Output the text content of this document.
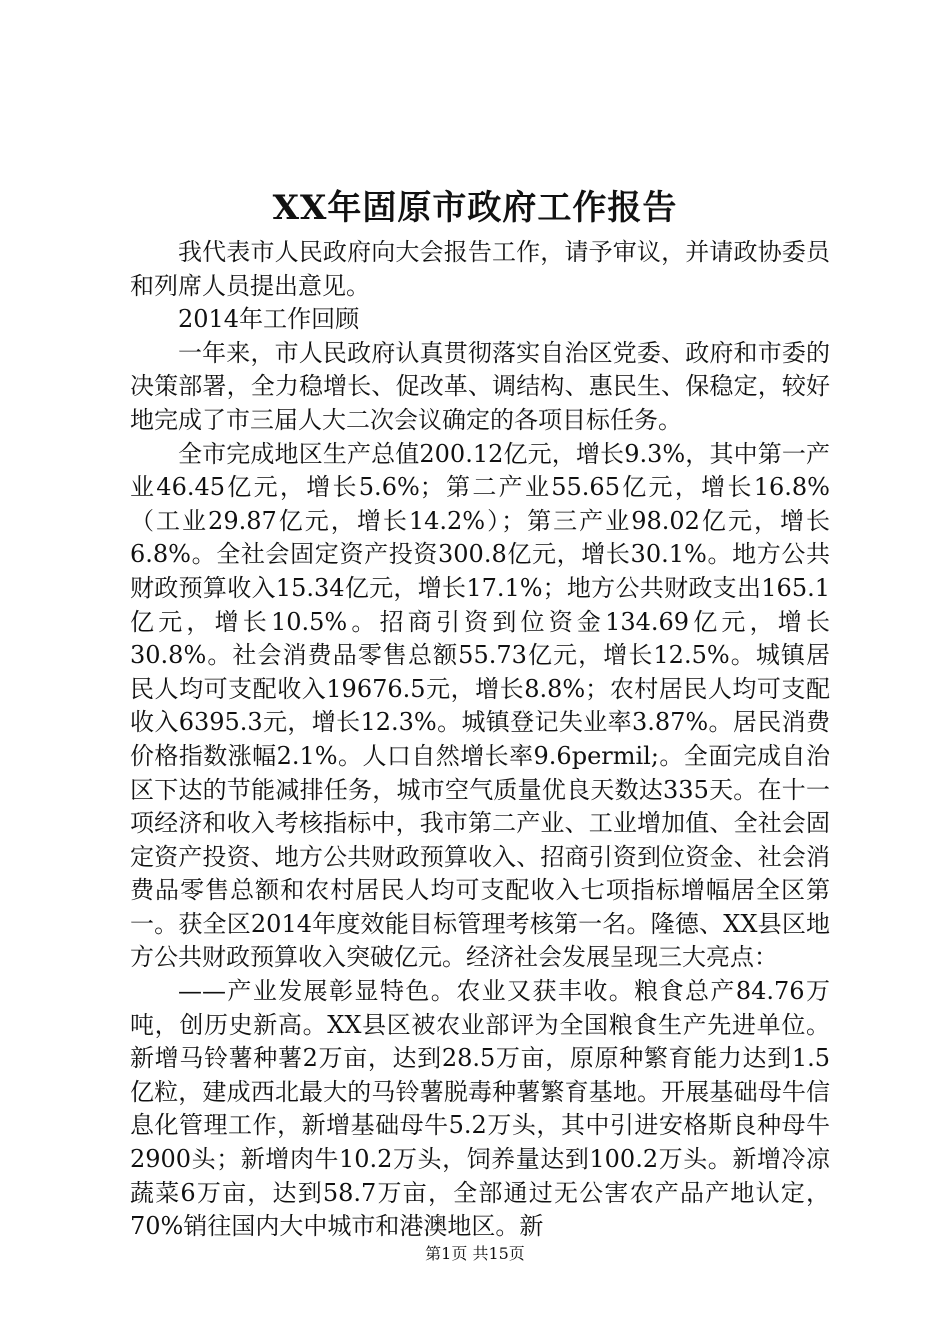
XX年固原市政府工作报告

我代表市人民政府向大会报告工作，请予审议，并请政协委员和列席人员提出意见。

2014年工作回顾

一年来，市人民政府认真贯彻落实自治区党委、政府和市委的决策部署，全力稳增长、促改革、调结构、惠民生、保稳定，较好地完成了市三届人大二次会议确定的各项目标任务。

全市完成地区生产总值200.12亿元，增长9.3%，其中第一产业46.45亿元，增长5.6%；第二产业55.65亿元，增长16.8%（工业29.87亿元，增长14.2%）；第三产业98.02亿元，增长6.8%。全社会固定资产投资300.8亿元，增长30.1%。地方公共财政预算收入15.34亿元，增长17.1%；地方公共财政支出165.1亿元，增长10.5%。招商引资到位资金134.69亿元，增长30.8%。社会消费品零售总额55.73亿元，增长12.5%。城镇居民人均可支配收入19676.5元，增长8.8%；农村居民人均可支配收入6395.3元，增长12.3%。城镇登记失业率3.87%。居民消费价格指数涨幅2.1%。人口自然增长率9.6permil;。全面完成自治区下达的节能减排任务，城市空气质量优良天数达335天。在十一项经济和收入考核指标中，我市第二产业、工业增加值、全社会固定资产投资、地方公共财政预算收入、招商引资到位资金、社会消费品零售总额和农村居民人均可支配收入七项指标增幅居全区第一。获全区2014年度效能目标管理考核第一名。隆德、XX县区地方公共财政预算收入突破亿元。经济社会发展呈现三大亮点：

——产业发展彰显特色。农业又获丰收。粮食总产84.76万吨，创历史新高。XX县区被农业部评为全国粮食生产先进单位。新增马铃薯种薯2万亩，达到28.5万亩，原原种繁育能力达到1.5亿粒，建成西北最大的马铃薯脱毒种薯繁育基地。开展基础母牛信息化管理工作，新增基础母牛5.2万头，其中引进安格斯良种母牛2900头；新增肉牛10.2万头，饲养量达到100.2万头。新增冷凉蔬菜6万亩，达到58.7万亩，全部通过无公害农产品产地认定，70%销往国内大中城市和港澳地区。新

第1页 共15页
